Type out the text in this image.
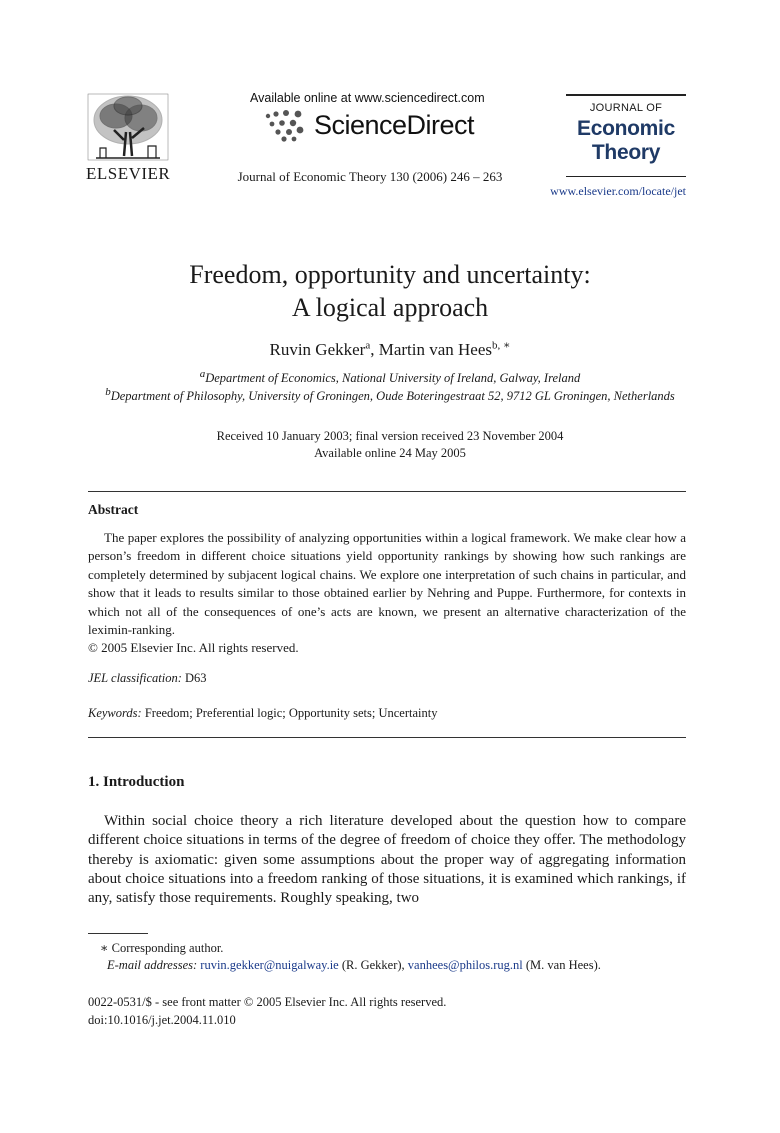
ELSEVIER
Available online at www.sciencedirect.com
ScienceDirect
Journal of Economic Theory 130 (2006) 246 – 263
JOURNAL OF
Economic
Theory
www.elsevier.com/locate/jet
Freedom, opportunity and uncertainty:
A logical approach
Ruvin Gekker$^a$, Martin van Hees$^{b, ∗}$
aDepartment of Economics, National University of Ireland, Galway, Ireland
bDepartment of Philosophy, University of Groningen, Oude Boteringestraat 52, 9712 GL Groningen, Netherlands
Received 10 January 2003; final version received 23 November 2004
Available online 24 May 2005
Abstract

The paper explores the possibility of analyzing opportunities within a logical framework. We make clear how a person’s freedom in different choice situations yield opportunity rankings by showing how such rankings are completely determined by subjacent logical chains. We explore one interpretation of such chains in particular, and show that it leads to results similar to those obtained earlier by Nehring and Puppe. Furthermore, for contexts in which not all of the consequences of one’s acts are known, we present an alternative characterization of the leximin-ranking.

© 2005 Elsevier Inc. All rights reserved.
JEL classification: D63
Keywords: Freedom; Preferential logic; Opportunity sets; Uncertainty
1. Introduction

Within social choice theory a rich literature developed about the question how to compare different choice situations in terms of the degree of freedom of choice they offer. The methodology thereby is axiomatic: given some assumptions about the proper way of aggregating information about choice situations into a freedom ranking of those situations, it is examined which rankings, if any, satisfy those requirements. Roughly speaking, two

∗ Corresponding author.
E-mail addresses: ruvin.gekker@nuigalway.ie (R. Gekker), vanhees@philos.rug.nl (M. van Hees).
0022-0531/$ - see front matter © 2005 Elsevier Inc. All rights reserved.
doi:10.1016/j.jet.2004.11.010
